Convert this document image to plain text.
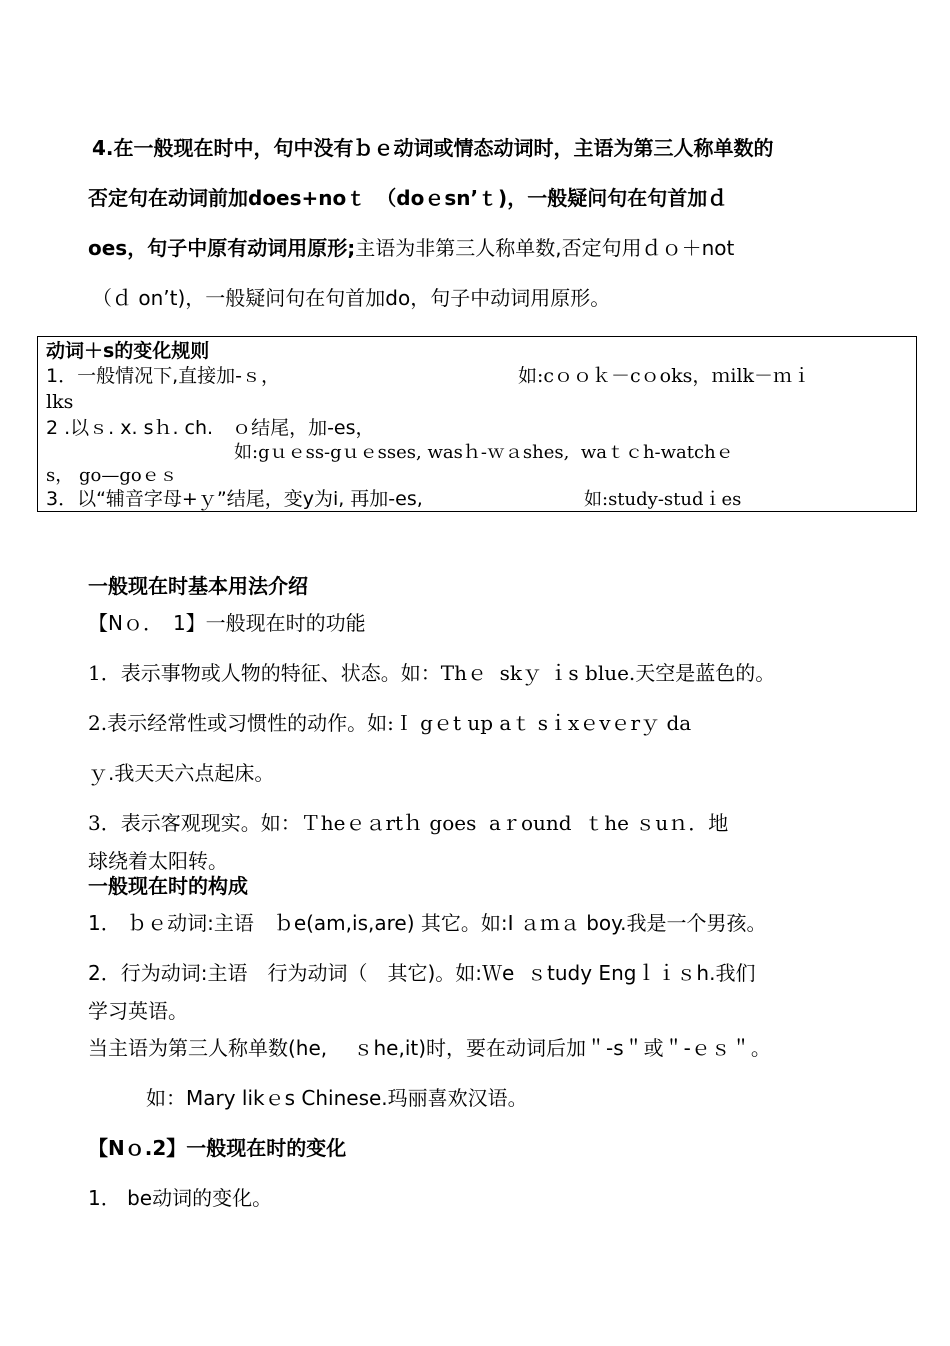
4.在一般现在时中，句中没有ｂｅ动词或情态动词时，主语为第三人称单数的
否定句在动词前加does+noｔ　（doｅsn’ｔ)，一般疑问句在句首加ｄ
oes，句子中原有动词用原形;主语为非第三人称单数,否定句用ｄｏ＋not
（ｄ on’t)，一般疑问句在句首加do，句子中动词用原形。
动词＋s的变化规则
1．一般情况下,直接加-ｓ，	如:cｏｏｋ－cｏoks，ｍilk－ｍｉ
lks
2 .以ｓ. x. sｈ. ch.　ｏ结尾，加-es，
如:gｕｅss-gｕｅsses, wasｈ-ｗａshes,  waｔｃh-watchｅ
s， go—goｅｓ
3．以“辅音字母+ｙ”结尾，变y为i, 再加-es,	如:study-studｉes
一般现在时基本用法介绍
【Nｏ．　1】一般现在时的功能
1．表示事物或人物的特征、状态。如：Thｅ  skｙ ｉs blue.天空是蓝色的。
2.表示经常性或习惯性的动作。如:Ｉ gｅt up aｔ sｉxｅvｅrｙ da
ｙ.我天天六点起床。
3．表示客观现实。如：Ｔheｅａrtｈ goes  aｒound  ｔhe ｓuｎ．地
球绕着太阳转。
一般现在时的构成
1． ｂｅ动词:主语　ｂe(am,is,are) 其它。如:I ａｍａ boy.我是一个男孩。
2．行为动词:主语　行为动词（　其它)。如:Ｗe  ｓtudy Engｌｉｓh.我们
学习英语。
当主语为第三人称单数(he,　 ｓhe,it)时，要在动词后加＂-s＂或＂-ｅｓ＂。
如：Mary likｅs Chinese.玛丽喜欢汉语。
【Nｏ.2】一般现在时的变化
1． be动词的变化。
